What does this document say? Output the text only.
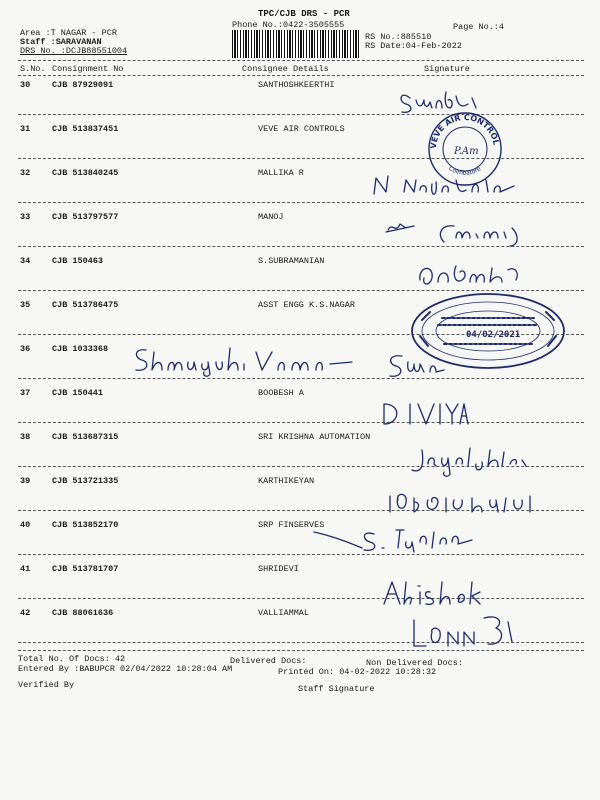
TPC/CJB DRS - PCR
Phone No.:0422-3505555	Page No.:4
Area :T NAGAR - PCR
Staff :SARAVANAN
DRS No. :DCJB88551004
RS No.:885510
RS Date:04-Feb-2022
S.No. Consignment No	Consignee Details	Signature
30	CJB 87929091	SANTHOSHKEERTHI
31	CJB 513837451	VEVE AIR CONTROLS
32	CJB 513840245	MALLIKA R
33	CJB 513797577	MANOJ
34	CJB 150463	S.SUBRAMANIAN
35	CJB 513786475	ASST ENGG K.S.NAGAR
36	CJB 1033368
37	CJB 150441	BOOBESH A
38	CJB 513687315	SRI KRISHNA AUTOMATION
39	CJB 513721335	KARTHIKEYAN
40	CJB 513852170	SRP FINSERVES
41	CJB 513781707	SHRIDEVI
42	CJB 88061636	VALLIAMMAL
VEVE AIR CONTROL
Coimbatore
P.Am
04/02/2021
Total No. Of Docs: 42	Delivered Docs:	Non Delivered Docs:
Entered By :BABUPCR 02/04/2022 10:28:04 AM	Printed On: 04-02-2022 10:28:32
Verified By	Staff Signature
